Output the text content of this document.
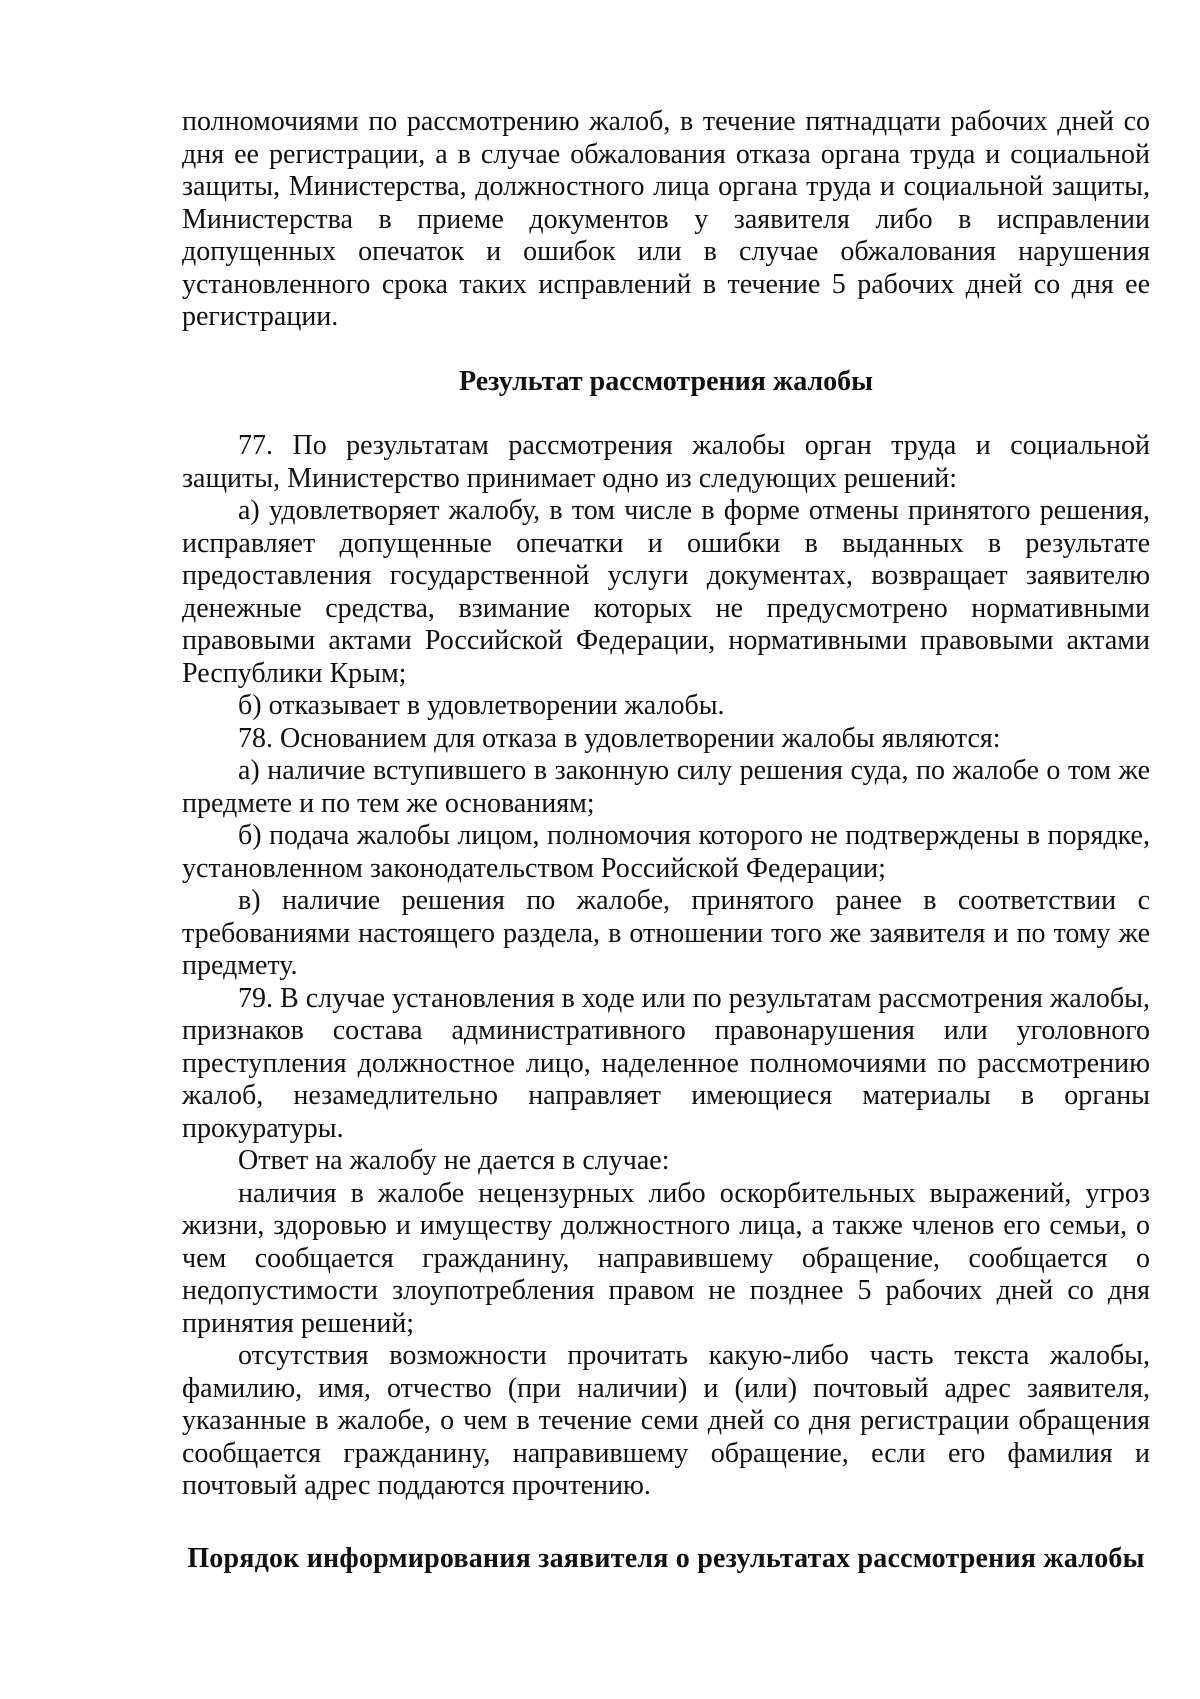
полномочиями по рассмотрению жалоб, в течение пятнадцати рабочих дней со дня ее регистрации, а в случае обжалования отказа органа труда и социальной защиты, Министерства, должностного лица органа труда и социальной защиты, Министерства в приеме документов у заявителя либо в исправлении допущенных опечаток и ошибок или в случае обжалования нарушения установленного срока таких исправлений в течение 5 рабочих дней со дня ее регистрации.

Результат рассмотрения жалобы

77. По результатам рассмотрения жалобы орган труда и социальной защиты, Министерство принимает одно из следующих решений:

а) удовлетворяет жалобу, в том числе в форме отмены принятого решения, исправляет допущенные опечатки и ошибки в выданных в результате предоставления государственной услуги документах, возвращает заявителю денежные средства, взимание которых не предусмотрено нормативными правовыми актами Российской Федерации, нормативными правовыми актами Республики Крым;

б) отказывает в удовлетворении жалобы.

78. Основанием для отказа в удовлетворении жалобы являются:

а) наличие вступившего в законную силу решения суда, по жалобе о том же предмете и по тем же основаниям;

б) подача жалобы лицом, полномочия которого не подтверждены в порядке, установленном законодательством Российской Федерации;

в) наличие решения по жалобе, принятого ранее в соответствии с требованиями настоящего раздела, в отношении того же заявителя и по тому же предмету.

79. В случае установления в ходе или по результатам рассмотрения жалобы, признаков состава административного правонарушения или уголовного преступления должностное лицо, наделенное полномочиями по рассмотрению жалоб, незамедлительно направляет имеющиеся материалы в органы прокуратуры.

Ответ на жалобу не дается в случае:

наличия в жалобе нецензурных либо оскорбительных выражений, угроз жизни, здоровью и имуществу должностного лица, а также членов его семьи, о чем сообщается гражданину, направившему обращение, сообщается о недопустимости злоупотребления правом не позднее 5 рабочих дней со дня принятия решений;

отсутствия возможности прочитать какую-либо часть текста жалобы, фамилию, имя, отчество (при наличии) и (или) почтовый адрес заявителя, указанные в жалобе, о чем в течение семи дней со дня регистрации обращения сообщается гражданину, направившему обращение, если его фамилия и почтовый адрес поддаются прочтению.

Порядок информирования заявителя о результатах рассмотрения жалобы
